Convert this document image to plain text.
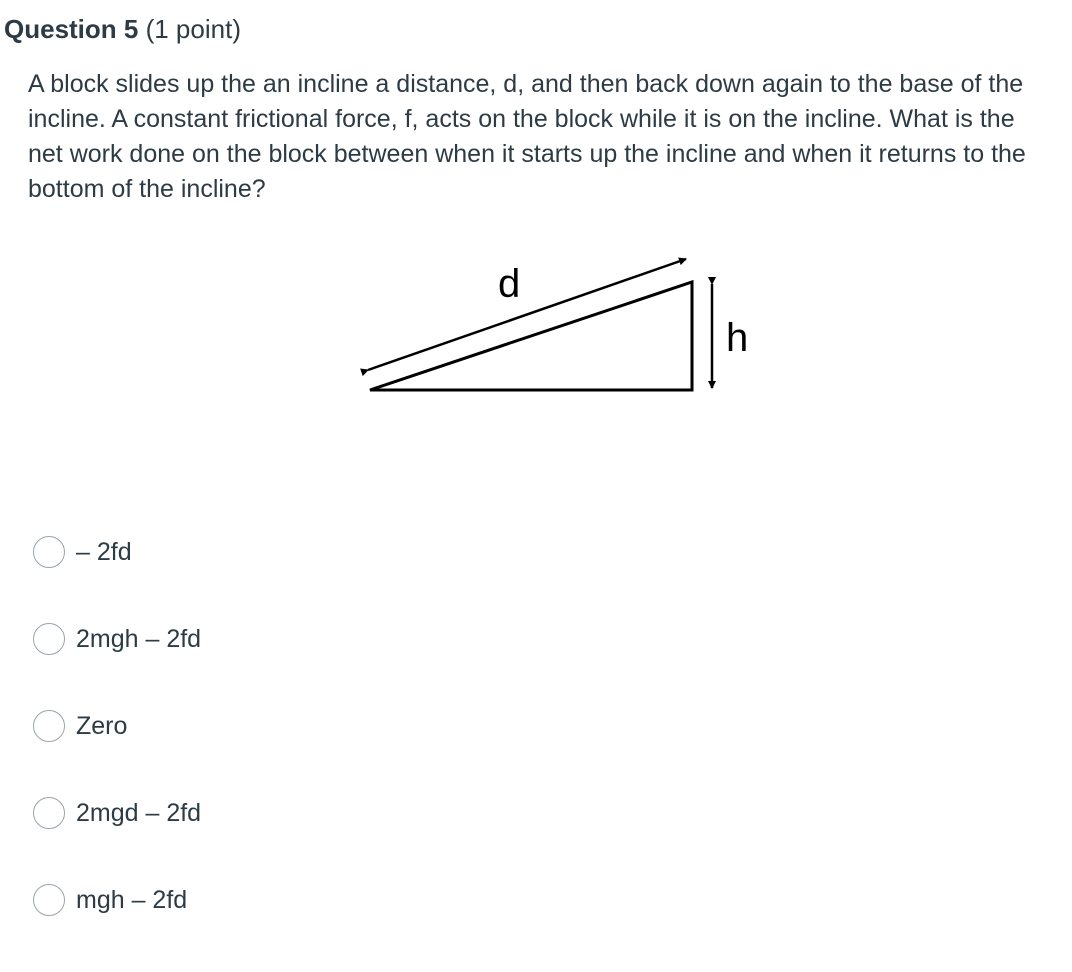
Question 5 (1 point)
A block slides up the an incline a distance, d, and then back down again to the base of the incline. A constant frictional force, f, acts on the block while it is on the incline. What is the net work done on the block between when it starts up the incline and when it returns to the bottom of the incline?
d
h
– 2fd
2mgh – 2fd
Zero
2mgd – 2fd
mgh – 2fd
